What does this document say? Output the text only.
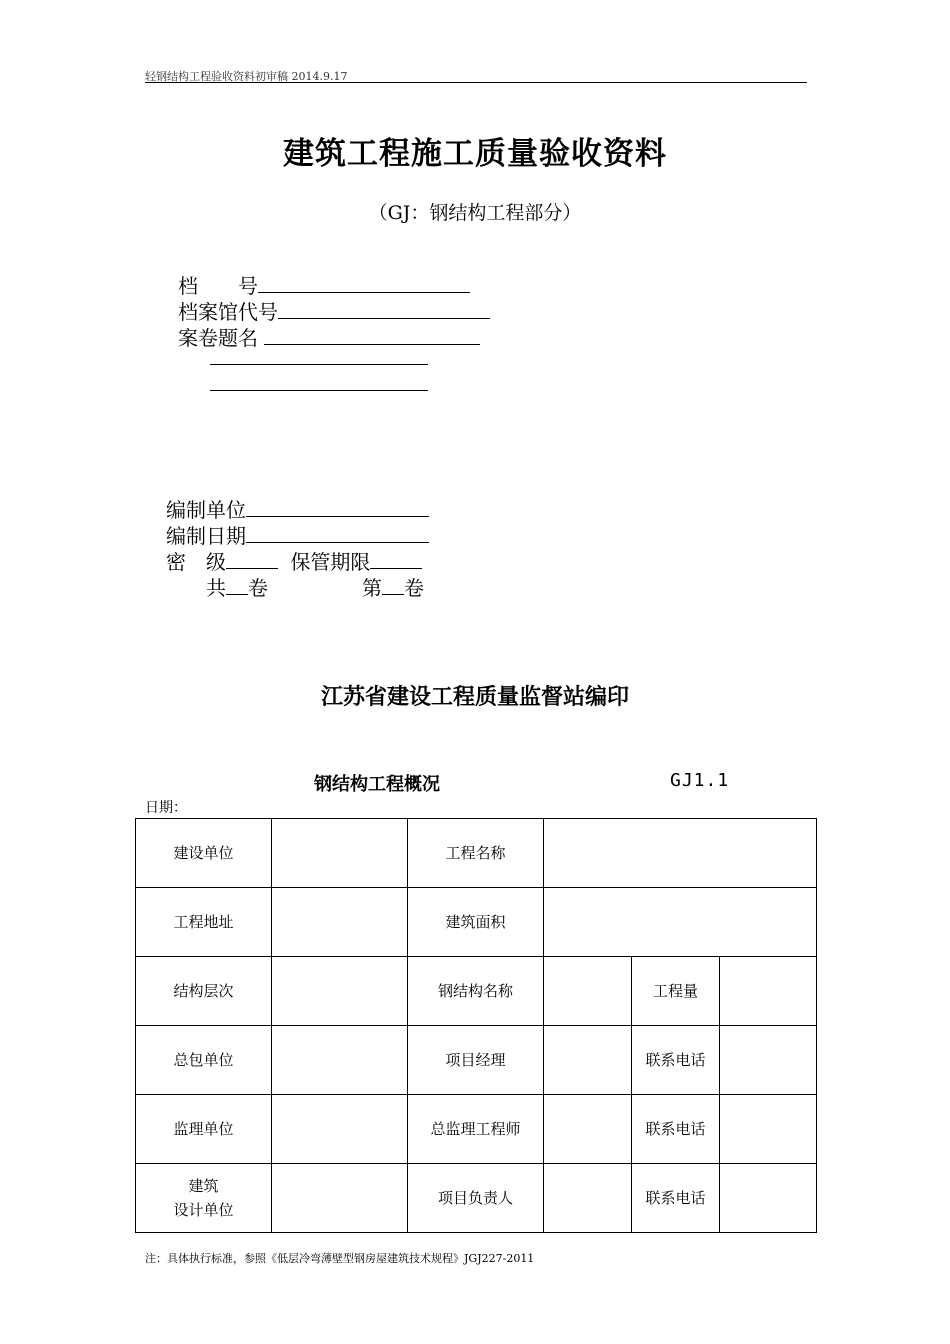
轻钢结构工程验收资料初审稿 2014.9.17
建筑工程施工质量验收资料
（GJ：钢结构工程部分）
档　　号
档案馆代号
案卷题名
编制单位
编制日期
密　级	保管期限
共 卷	第 卷
江苏省建设工程质量监督站编印
钢结构工程概况	GJ1.1
日期：
建设单位		工程名称			
工程地址		建筑面积			
结构层次		钢结构名称		工程量	
总包单位		项目经理		联系电话	
监理单位		总监理工程师		联系电话	

建筑
设计单位		项目负责人		联系电话	
注：具体执行标准，参照《低层冷弯薄壁型钢房屋建筑技术规程》JGJ227-2011
